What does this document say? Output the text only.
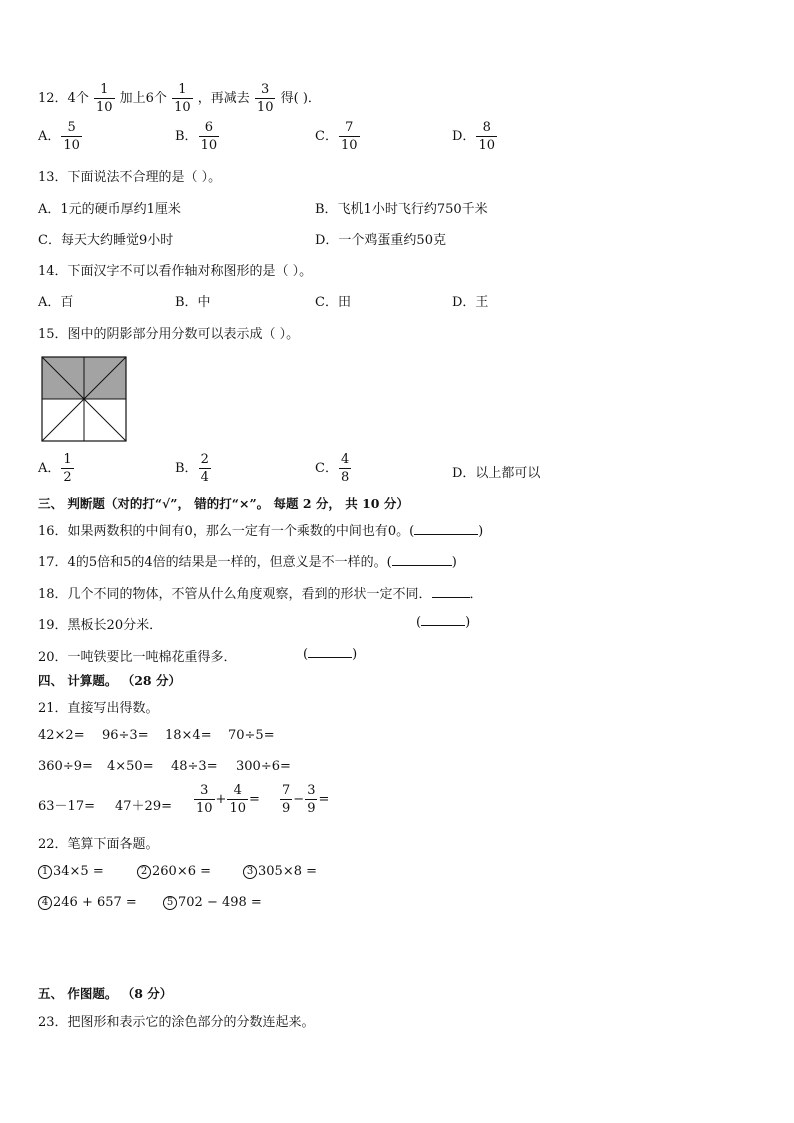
12．4个 $\frac{1}{10}$ 加上6个 $\frac{1}{10}$ ，再减去 $\frac{3}{10}$ 得( )．
A． $\frac{5}{10}$	B． $\frac{6}{10}$	C． $\frac{7}{10}$	D． $\frac{8}{10}$
13．下面说法不合理的是（ ）。
A．1元的硬币厚约1厘米	B．飞机1小时飞行约750千米
C．每天大约睡觉9小时	D．一个鸡蛋重约50克
14．下面汉字不可以看作轴对称图形的是（ ）。
A．百	B．中	C．田	D．王
15．图中的阴影部分用分数可以表示成（ ）。
A． $\frac{1}{2}$	B． $\frac{2}{4}$	C． $\frac{4}{8}$	D．以上都可以
三、 判断题（对的打“√”， 错的打“×”。 每题 2 分， 共 10 分）
16．如果两数积的中间有0，那么一定有一个乘数的中间也有0。(	)
17．4的5倍和5的4倍的结果是一样的，但意义是不一样的。(	)
18．几个不同的物体，不管从什么角度观察，看到的形状一定不同．	．
19．黑板长20分米．	(	)
20．一吨铁要比一吨棉花重得多．	(	)
四、 计算题。 （28 分）
21．直接写出得数。
42×2= 96÷3= 18×4= 70÷5=
360÷9= 4×50= 48÷3= 300÷6=
$63-17= 47+29= \frac{3}{10} + \frac{4}{10} = \frac{7}{9} - \frac{3}{9}$ =
22．笔算下面各题。
1 34×5 =	2 260×6 =	3 305×8 =
4 246 + 657 =	5 702 − 498 =
五、 作图题。 （8 分）
23．把图形和表示它的涂色部分的分数连起来。
